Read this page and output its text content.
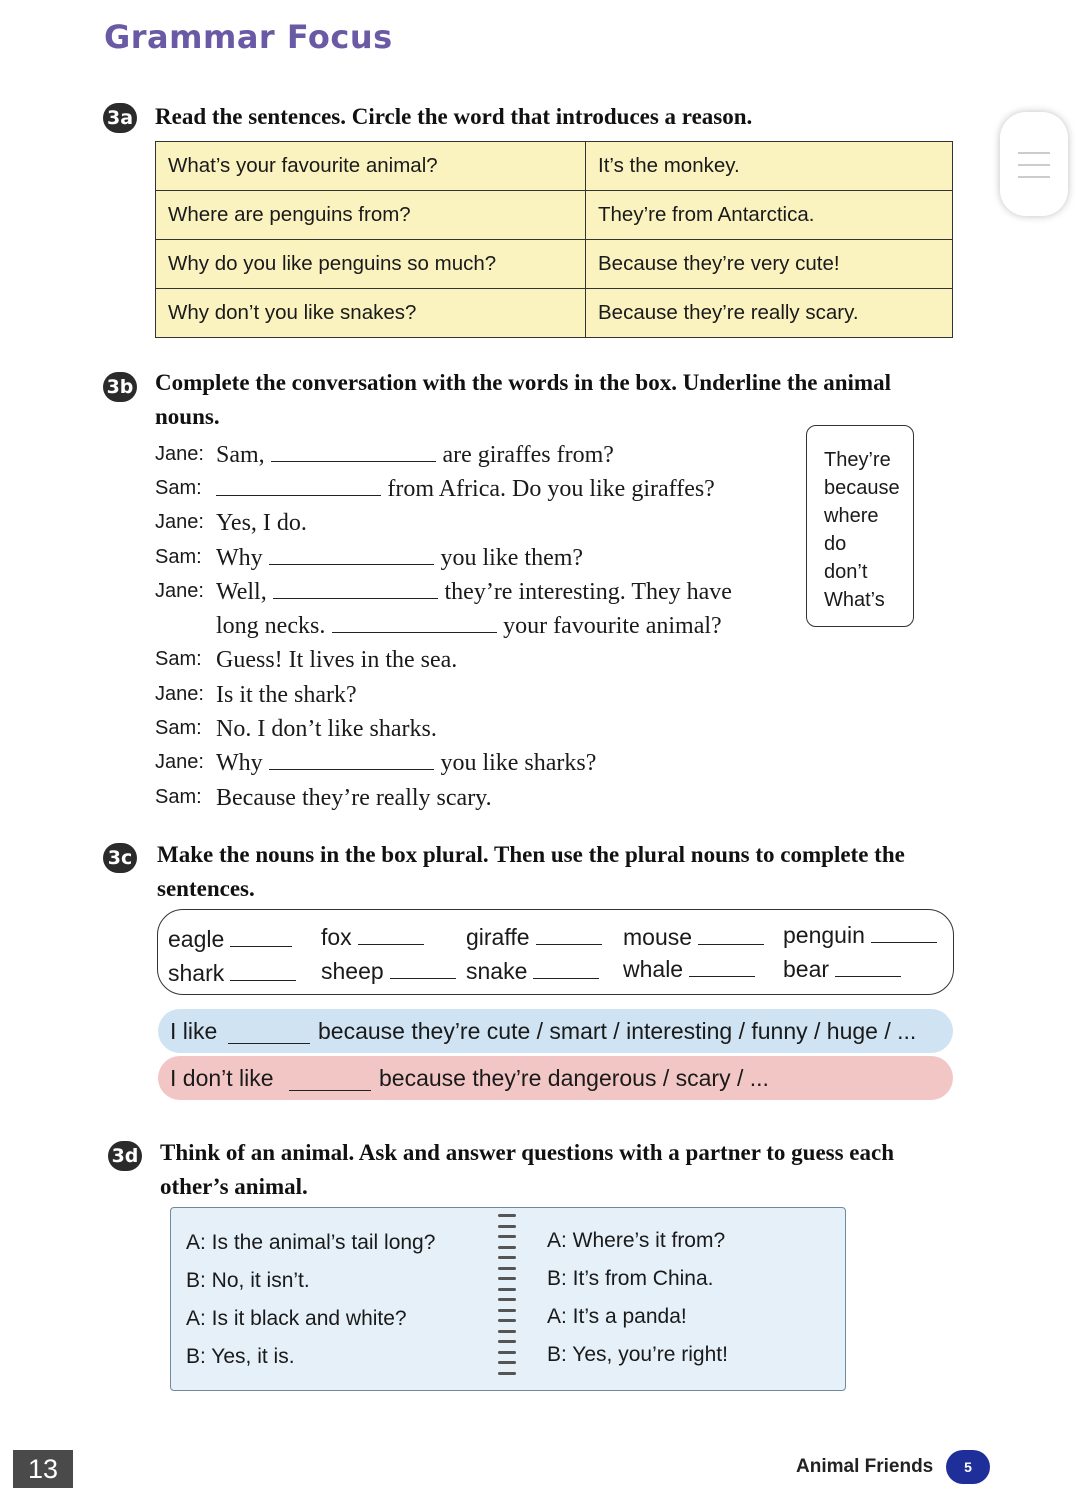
Grammar Focus
3a Read the sentences. Circle the word that introduces a reason.
What’s your favourite animal?	It’s the monkey.
Where are penguins from?	They’re from Antarctica.
Why do you like penguins so much?	Because they’re very cute!
Why don’t you like snakes?	Because they’re really scary.
3b Complete the conversation with the words in the box. Underline the animal
nouns.
Jane: Sam,	are giraffes from?
Sam:	from Africa. Do you like giraffes?
Jane: Yes, I do.
Sam: Why	you like them?
Jane: Well,	they’re interesting. They have
long necks.	your favourite animal?
Sam: Guess! It lives in the sea.
Jane: Is it the shark?
Sam: No. I don’t like sharks.
Jane: Why	you like sharks?
Sam: Because they’re really scary.
They’re
because
where
do
don’t
What’s
3c Make the nouns in the box plural. Then use the plural nouns to complete the
sentences.
eagle	fox	giraffe	mouse	penguin
shark	sheep	snake	whale	bear
I like	because they’re cute / smart / interesting / funny / huge / ...
I don’t like	because they’re dangerous / scary / ...
3d Think of an animal. Ask and answer questions with a partner to guess each
other’s animal.
A: Is the animal’s tail long?
B: No, it isn’t.
A: Is it black and white?
B: Yes, it is.
A: Where’s it from?
B: It’s from China.
A: It’s a panda!
B: Yes, you’re right!
13	Animal Friends	5
